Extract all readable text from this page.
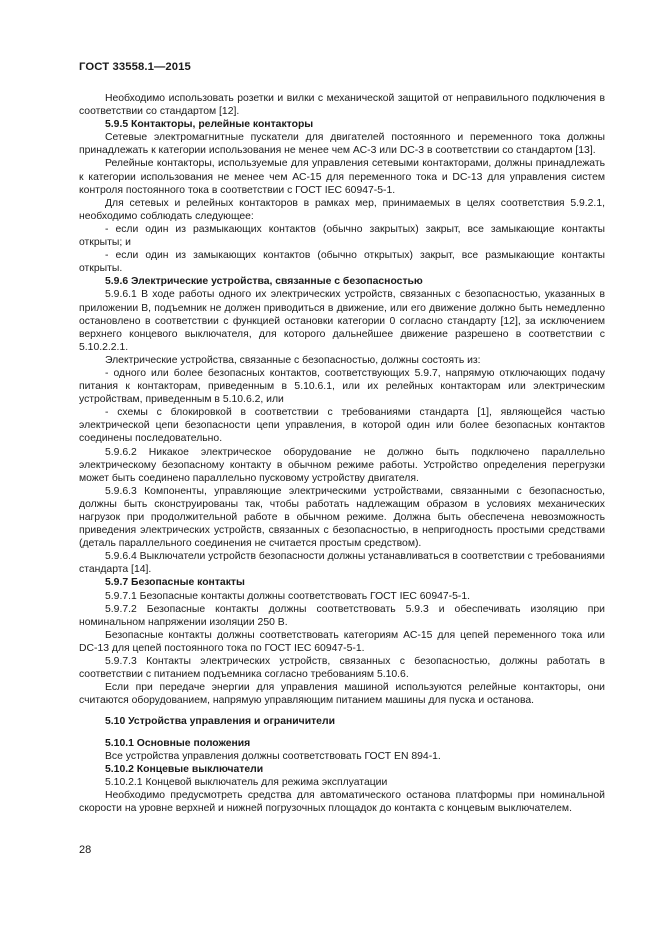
ГОСТ 33558.1—2015

Необходимо использовать розетки и вилки с механической защитой от неправильного подключения в соответствии со стандартом [12].

5.9.5 Контакторы, релейные контакторы

Сетевые электромагнитные пускатели для двигателей постоянного и переменного тока должны принадлежать к категории использования не менее чем АС-3 или DC-3 в соответствии со стандартом [13].

Релейные контакторы, используемые для управления сетевыми контакторами, должны принадлежать к категории использования не менее чем АС-15 для переменного тока и DC-13 для управления систем контроля постоянного тока в соответствии с ГОСТ IEC 60947-5-1.

Для сетевых и релейных контакторов в рамках мер, принимаемых в целях соответствия 5.9.2.1, необходимо соблюдать следующее:

- если один из размыкающих контактов (обычно закрытых) закрыт, все замыкающие контакты открыты; и

- если один из замыкающих контактов (обычно открытых) закрыт, все размыкающие контакты открыты.

5.9.6 Электрические устройства, связанные с безопасностью

5.9.6.1 В ходе работы одного их электрических устройств, связанных с безопасностью, указанных в приложении В, подъемник не должен приводиться в движение, или его движение должно быть немедленно остановлено в соответствии с функцией остановки категории 0 согласно стандарту [12], за исключением верхнего концевого выключателя, для которого дальнейшее движение разрешено в соответствии с 5.10.2.2.1.

Электрические устройства, связанные с безопасностью, должны состоять из:

- одного или более безопасных контактов, соответствующих 5.9.7, напрямую отключающих подачу питания к контакторам, приведенным в 5.10.6.1, или их релейных контакторам или электрическим устройствам, приведенным в 5.10.6.2, или

- схемы с блокировкой в соответствии с требованиями стандарта [1], являющейся частью электрической цепи безопасности цепи управления, в которой один или более безопасных контактов соединены последовательно.

5.9.6.2 Никакое электрическое оборудование не должно быть подключено параллельно электрическому безопасному контакту в обычном режиме работы. Устройство определения перегрузки может быть соединено параллельно пусковому устройству двигателя.

5.9.6.3 Компоненты, управляющие электрическими устройствами, связанными с безопасностью, должны быть сконструированы так, чтобы работать надлежащим образом в условиях механических нагрузок при продолжительной работе в обычном режиме. Должна быть обеспечена невозможность приведения электрических устройств, связанных с безопасностью, в непригодность простыми средствами (деталь параллельного соединения не считается простым средством).

5.9.6.4 Выключатели устройств безопасности должны устанавливаться в соответствии с требованиями стандарта [14].

5.9.7 Безопасные контакты

5.9.7.1 Безопасные контакты должны соответствовать ГОСТ IEC 60947-5-1.

5.9.7.2 Безопасные контакты должны соответствовать 5.9.3 и обеспечивать изоляцию при номинальном напряжении изоляции 250 В.

Безопасные контакты должны соответствовать категориям АС-15 для цепей переменного тока или DC-13 для цепей постоянного тока по ГОСТ IEC 60947-5-1.

5.9.7.3 Контакты электрических устройств, связанных с безопасностью, должны работать в соответствии с питанием подъемника согласно требованиям 5.10.6.

Если при передаче энергии для управления машиной используются релейные контакторы, они считаются оборудованием, напрямую управляющим питанием машины для пуска и останова.

5.10 Устройства управления и ограничители

5.10.1 Основные положения

Все устройства управления должны соответствовать ГОСТ EN 894-1.

5.10.2 Концевые выключатели

5.10.2.1 Концевой выключатель для режима эксплуатации

Необходимо предусмотреть средства для автоматического останова платформы при номинальной скорости на уровне верхней и нижней погрузочных площадок до контакта с концевым выключателем.

28
